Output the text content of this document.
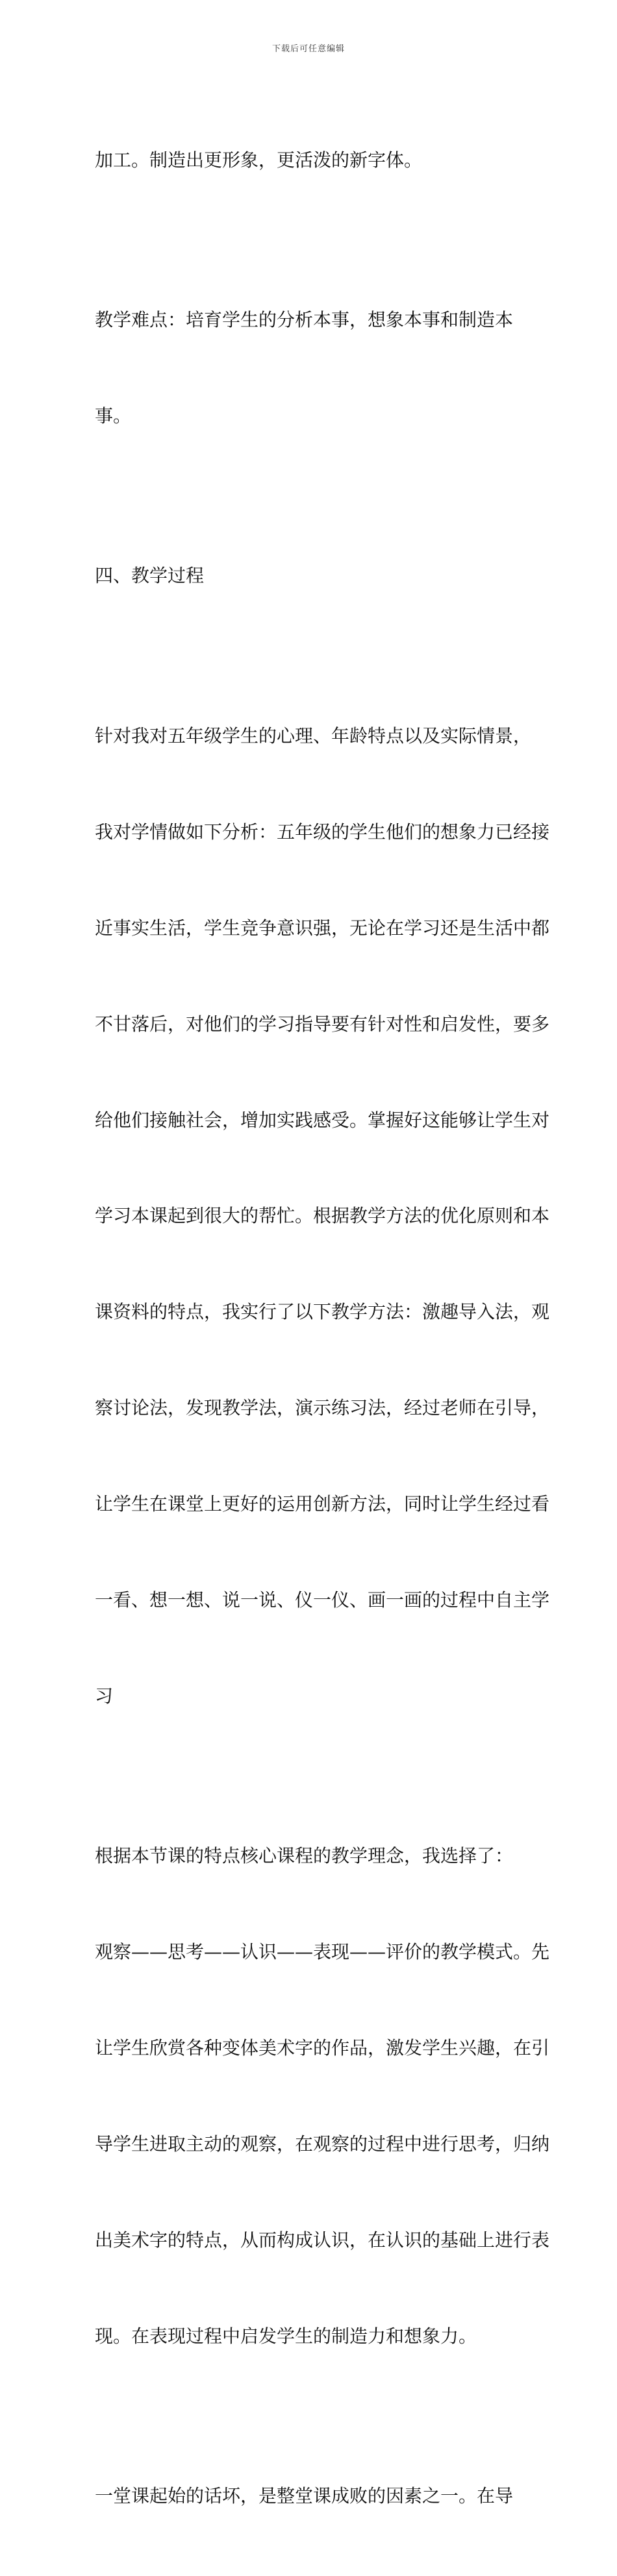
下载后可任意编辑

加工。制造出更形象，更活泼的新字体。

教学难点：培育学生的分析本事，想象本事和制造本

事。

四、教学过程

针对我对五年级学生的心理、年龄特点以及实际情景，

我对学情做如下分析：五年级的学生他们的想象力已经接

近事实生活，学生竞争意识强，无论在学习还是生活中都

不甘落后，对他们的学习指导要有针对性和启发性，要多

给他们接触社会，增加实践感受。掌握好这能够让学生对

学习本课起到很大的帮忙。根据教学方法的优化原则和本

课资料的特点，我实行了以下教学方法：激趣导入法，观

察讨论法，发现教学法，演示练习法，经过老师在引导，

让学生在课堂上更好的运用创新方法，同时让学生经过看

一看、想一想、说一说、仪一仪、画一画的过程中自主学

习

根据本节课的特点核心课程的教学理念，我选择了：

观察——思考——认识——表现——评价的教学模式。先

让学生欣赏各种变体美术字的作品，激发学生兴趣，在引

导学生进取主动的观察，在观察的过程中进行思考，归纳

出美术字的特点，从而构成认识，在认识的基础上进行表

现。在表现过程中启发学生的制造力和想象力。

一堂课起始的话坏，是整堂课成败的因素之一。在导
